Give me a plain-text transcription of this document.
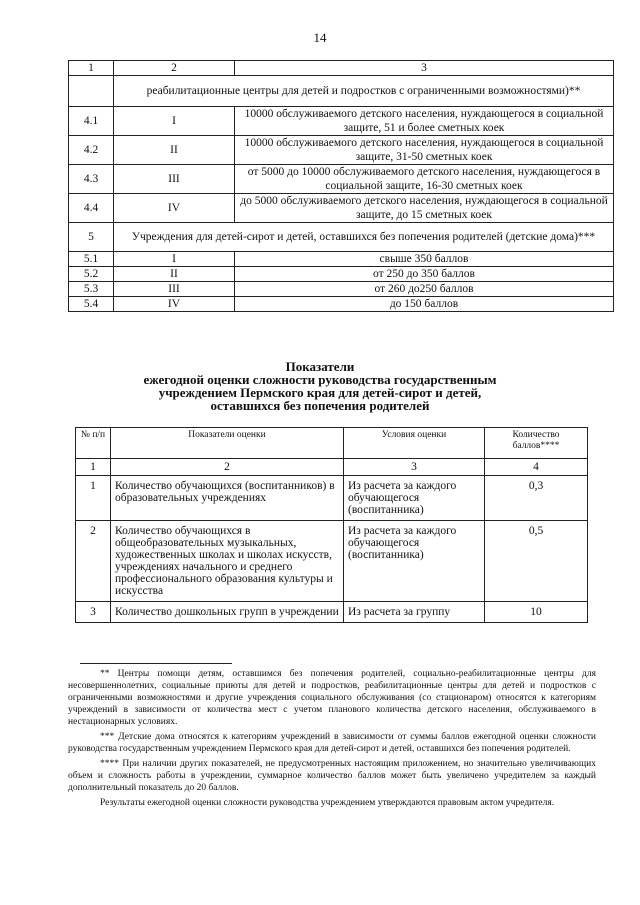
14
1	2	3
	реабилитационные центры для детей и подростков с ограниченными возможностями)**	
4.1	I	10000 обслуживаемого детского населения, нуждающегося в социальной защите, 51 и более сметных коек
4.2	II	10000 обслуживаемого детского населения, нуждающегося в социальной защите, 31-50 сметных коек
4.3	III	от 5000 до 10000 обслуживаемого детского населения, нуждающегося в социальной защите, 16-30 сметных коек
4.4	IV	до 5000 обслуживаемого детского населения, нуждающегося в социальной защите, до 15 сметных коек
5	Учреждения для детей-сирот и детей, оставшихся без попечения родителей (детские дома)***	
5.1	I	свыше 350 баллов
5.2	II	от 250 до 350 баллов
5.3	III	от 260 до250 баллов
5.4	IV	до 150 баллов
Показатели
ежегодной оценки сложности руководства государственным
учреждением Пермского края для детей-сирот и детей,
оставшихся без попечения родителей
№ п/п	Показатели оценки	Условия оценки	Количество баллов****
1	2	3	4
1	Количество обучающихся (воспитанников) в образовательных учреждениях	Из расчета за каждого обучающегося (воспитанника)	0,3
2	Количество обучающихся в общеобразовательных музыкальных, художественных школах и школах искусств, учреждениях начального и среднего профессионального образования культуры и искусства	Из расчета за каждого обучающегося (воспитанника)	0,5
3	Количество дошкольных групп в учреждении	Из расчета за группу	10

** Центры помощи детям, оставшимся без попечения родителей, социально-реабилитационные центры для несовершеннолетних, социальные приюты для детей и подростков, реабилитационные центры для детей и подростков с ограниченными возможностями и другие учреждения социального обслуживания (со стационаром) относятся к категориям учреждений в зависимости от количества мест с учетом планового количества детского населения, обслуживаемого в нестационарных условиях.

*** Детские дома относятся к категориям учреждений в зависимости от суммы баллов ежегодной оценки сложности руководства государственным учреждением Пермского края для детей-сирот и детей, оставшихся без попечения родителей.

**** При наличии других показателей, не предусмотренных настоящим приложением, но значительно увеличивающих объем и сложность работы в учреждении, суммарное количество баллов может быть увеличено учредителем за каждый дополнительный показатель до 20 баллов.

Результаты ежегодной оценки сложности руководства учреждением утверждаются правовым актом учредителя.
